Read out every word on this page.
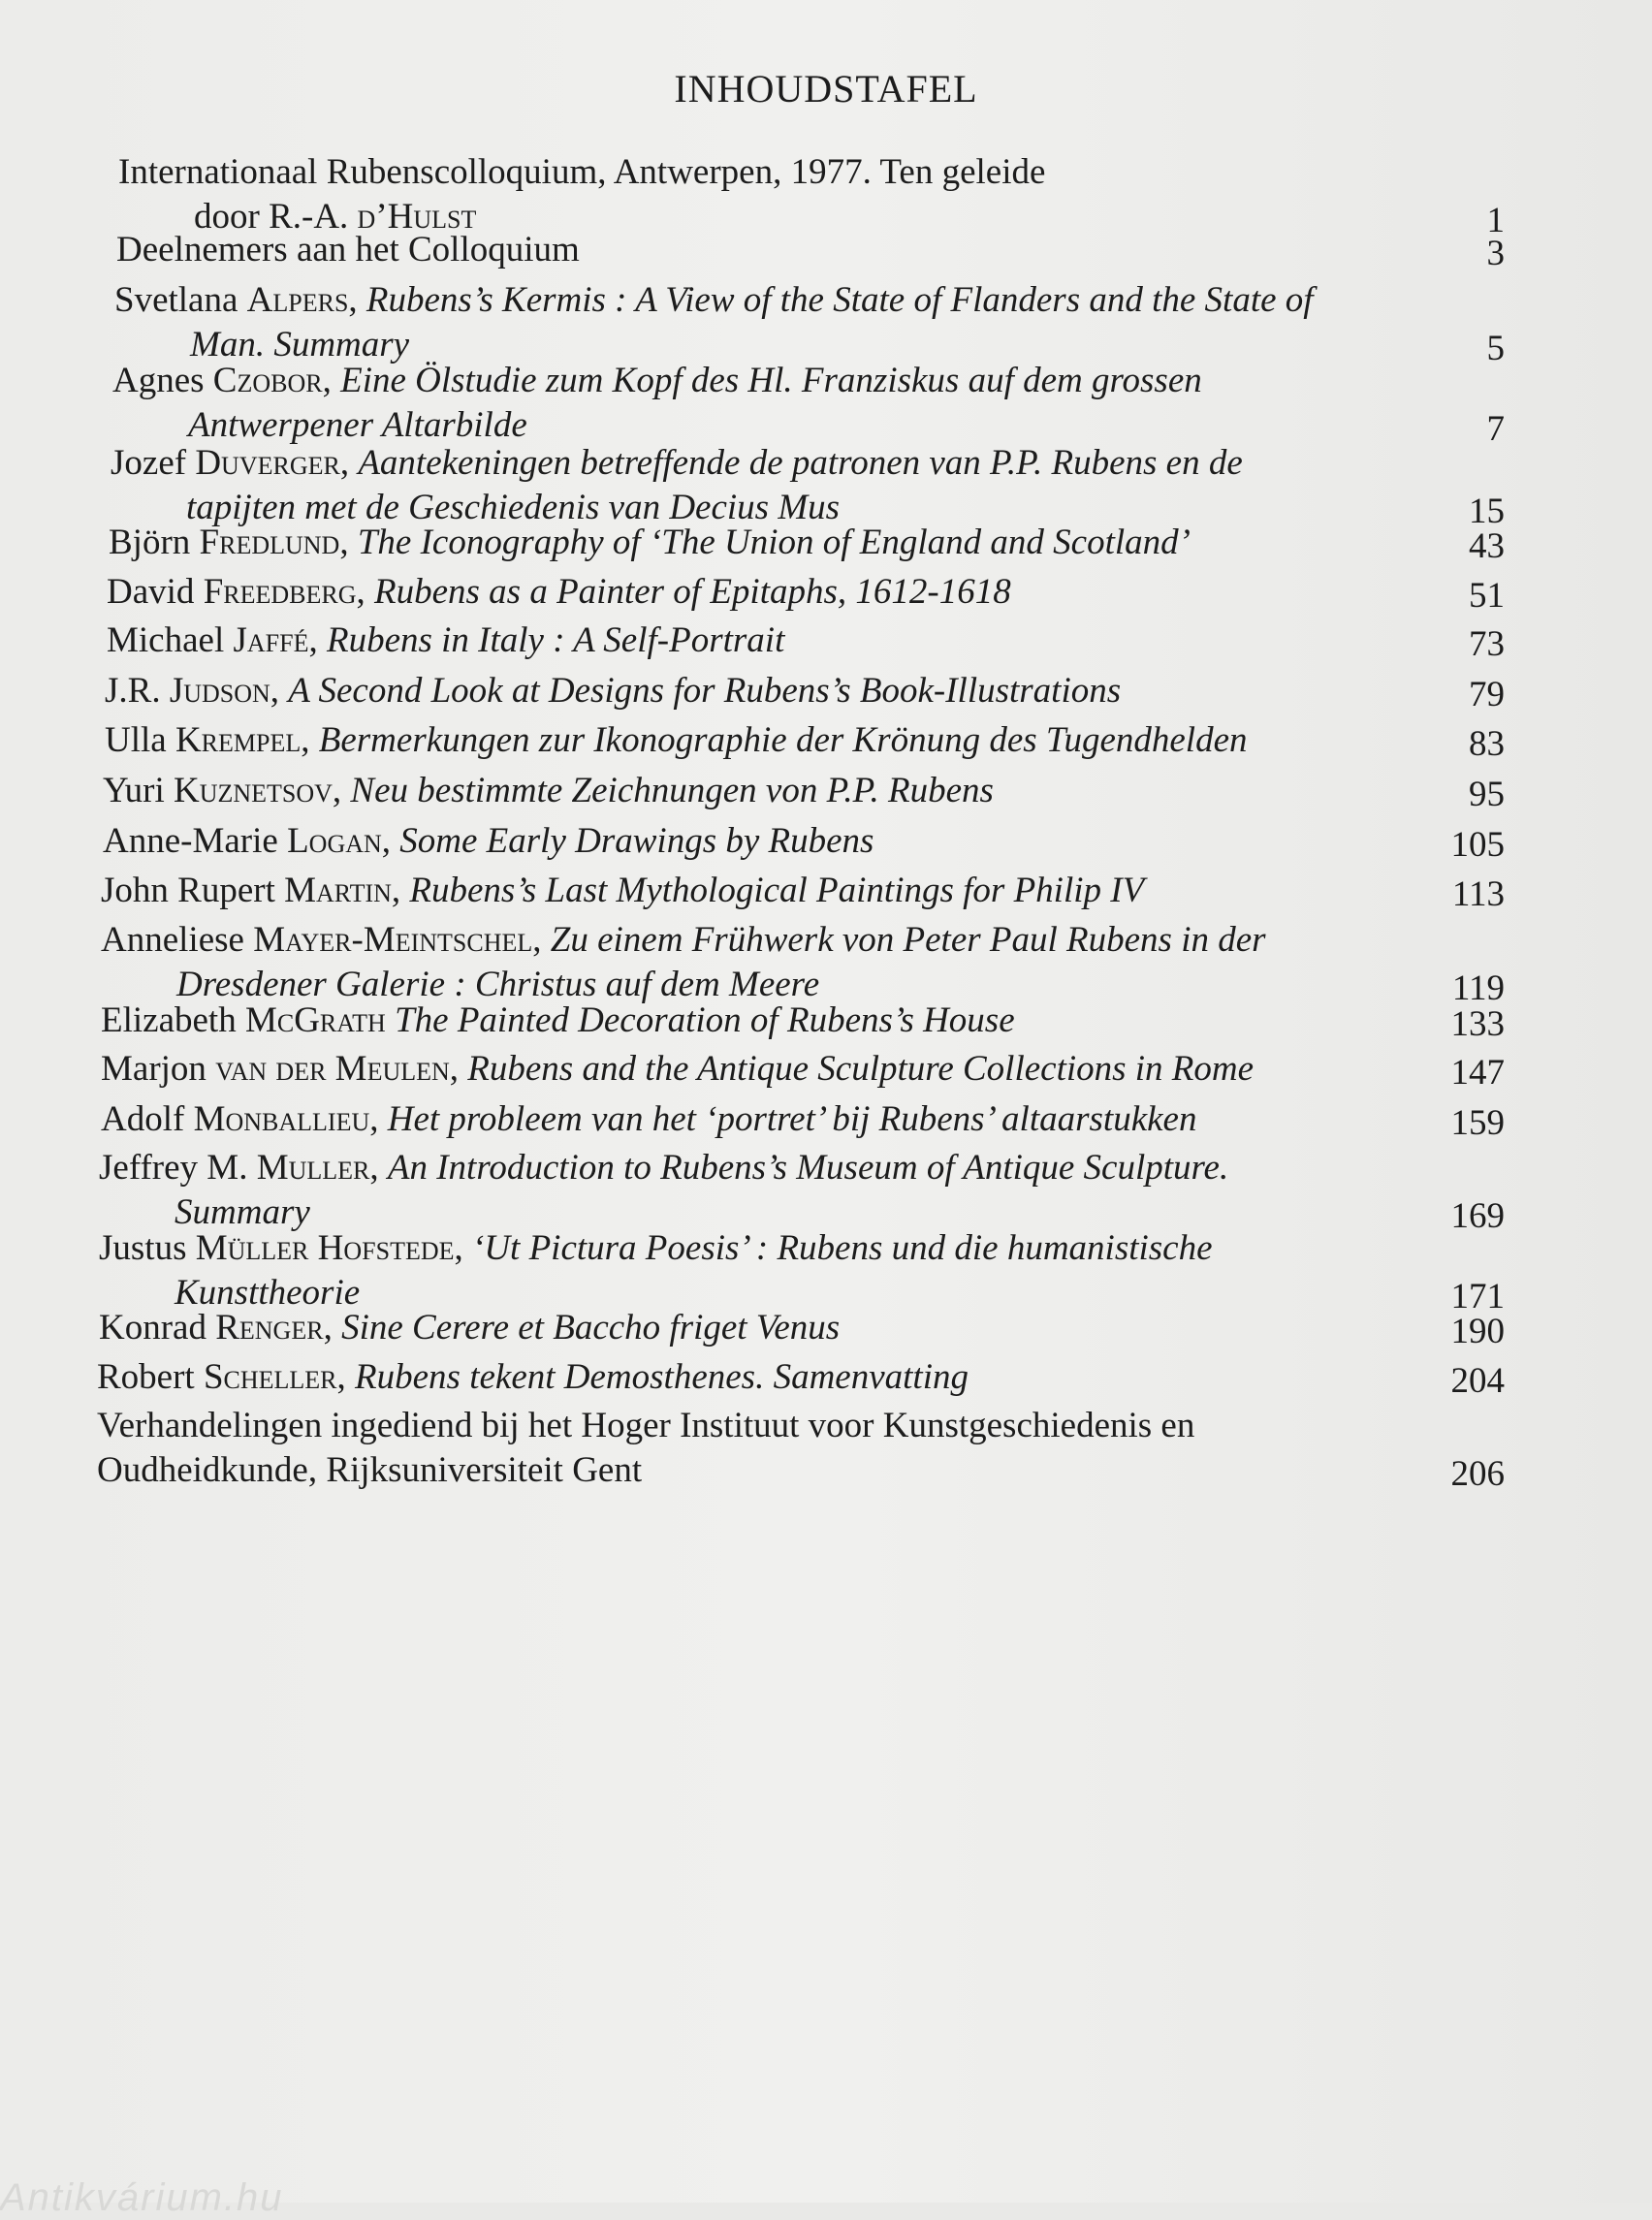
INHOUDSTAFEL
Internationaal Rubenscolloquium, Antwerpen, 1977. Ten geleide
door R.-A. d’Hulst	1
Deelnemers aan het Colloquium	3
Svetlana Alpers, Rubens’s Kermis : A View of the State of Flanders and the State of
Man. Summary	5
Agnes Czobor, Eine Ölstudie zum Kopf des Hl. Franziskus auf dem grossen
Antwerpener Altarbilde	7
Jozef Duverger, Aantekeningen betreffende de patronen van P.P. Rubens en de
tapijten met de Geschiedenis van Decius Mus	15
Björn Fredlund, The Iconography of ‘The Union of England and Scotland’	43
David Freedberg, Rubens as a Painter of Epitaphs, 1612-1618	51
Michael Jaffé, Rubens in Italy : A Self-Portrait	73
J.R. Judson, A Second Look at Designs for Rubens’s Book-Illustrations	79
Ulla Krempel, Bermerkungen zur Ikonographie der Krönung des Tugendhelden	83
Yuri Kuznetsov, Neu bestimmte Zeichnungen von P.P. Rubens	95
Anne-Marie Logan, Some Early Drawings by Rubens	105
John Rupert Martin, Rubens’s Last Mythological Paintings for Philip IV	113
Anneliese Mayer-Meintschel, Zu einem Frühwerk von Peter Paul Rubens in der
Dresdener Galerie : Christus auf dem Meere	119
Elizabeth McGrath The Painted Decoration of Rubens’s House	133
Marjon van der Meulen, Rubens and the Antique Sculpture Collections in Rome	147
Adolf Monballieu, Het probleem van het ‘portret’ bij Rubens’ altaarstukken	159
Jeffrey M. Muller, An Introduction to Rubens’s Museum of Antique Sculpture.
Summary	169
Justus Müller Hofstede, ‘Ut Pictura Poesis’ : Rubens und die humanistische
Kunsttheorie	171
Konrad Renger, Sine Cerere et Baccho friget Venus	190
Robert Scheller, Rubens tekent Demosthenes. Samenvatting	204
Verhandelingen ingediend bij het Hoger Instituut voor Kunstgeschiedenis en
Oudheidkunde, Rijksuniversiteit Gent	206
Antikvárium.hu
